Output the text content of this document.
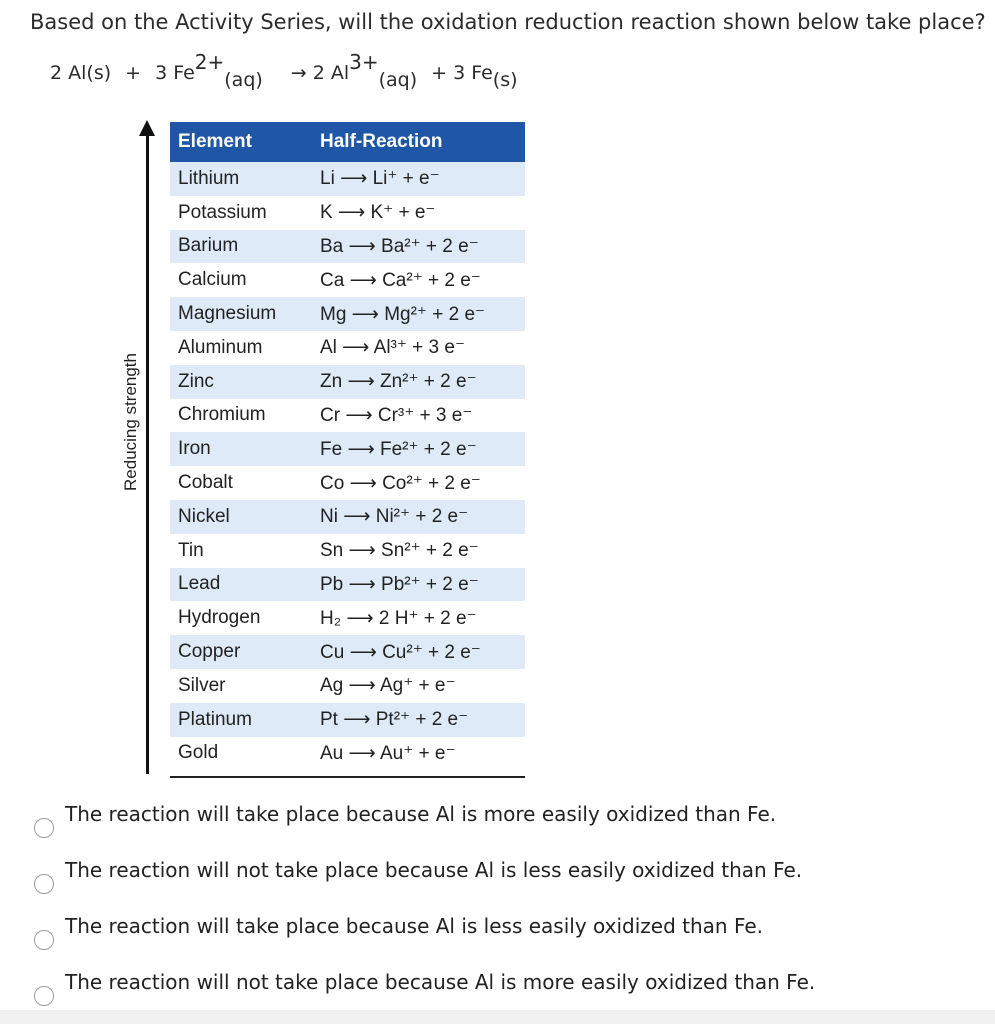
Based on the Activity Series, will the oxidation reduction reaction shown below take place?
2 Al(s) + 3 $Fe^{2+}_{(aq)} \to 2$ $Al^{3+}_{(aq)} + 3$ $Fe_{(s)}$
Reducing strength
Element	Half-Reaction
Lithium	Li ⟶ Li⁺ + e⁻
Potassium	K ⟶ K⁺ + e⁻
Barium	Ba ⟶ Ba²⁺ + 2 e⁻
Calcium	Ca ⟶ Ca²⁺ + 2 e⁻
Magnesium	Mg ⟶ Mg²⁺ + 2 e⁻
Aluminum	Al ⟶ Al³⁺ + 3 e⁻
Zinc	Zn ⟶ Zn²⁺ + 2 e⁻
Chromium	Cr ⟶ Cr³⁺ + 3 e⁻
Iron	Fe ⟶ Fe²⁺ + 2 e⁻
Cobalt	Co ⟶ Co²⁺ + 2 e⁻
Nickel	Ni ⟶ Ni²⁺ + 2 e⁻
Tin	Sn ⟶ Sn²⁺ + 2 e⁻
Lead	Pb ⟶ Pb²⁺ + 2 e⁻
Hydrogen	H₂ ⟶ 2 H⁺ + 2 e⁻
Copper	Cu ⟶ Cu²⁺ + 2 e⁻
Silver	Ag ⟶ Ag⁺ + e⁻
Platinum	Pt ⟶ Pt²⁺ + 2 e⁻
Gold	Au ⟶ Au⁺ + e⁻
The reaction will take place because Al is more easily oxidized than Fe.
The reaction will not take place because Al is less easily oxidized than Fe.
The reaction will take place because Al is less easily oxidized than Fe.
The reaction will not take place because Al is more easily oxidized than Fe.
